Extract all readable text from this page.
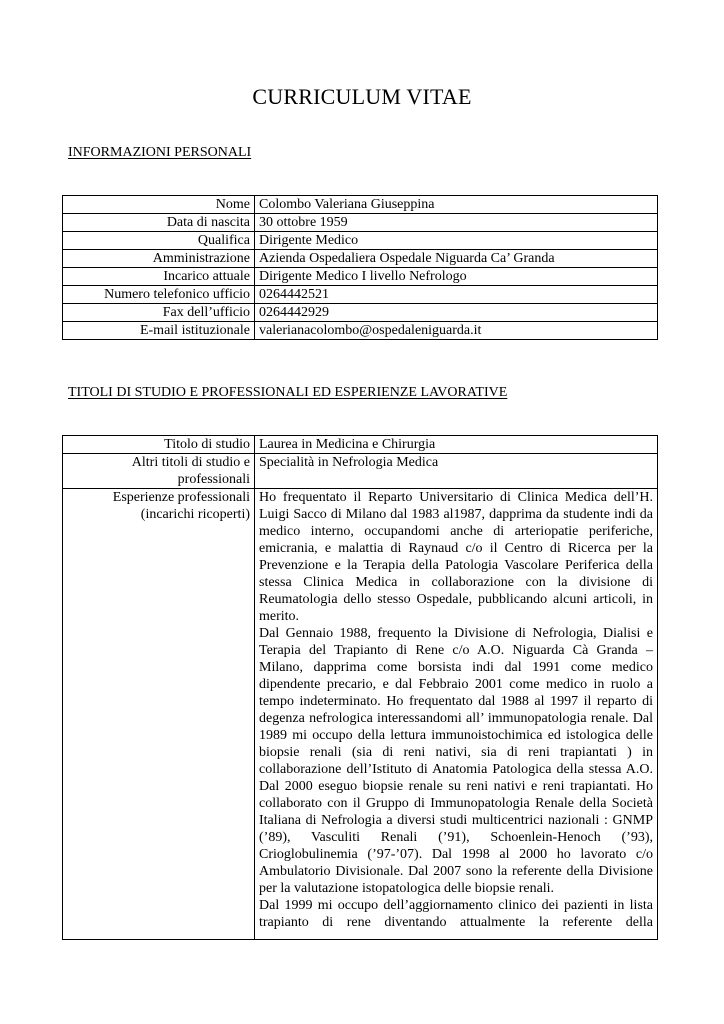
CURRICULUM VITAE
INFORMAZIONI PERSONALI
Nome	Colombo Valeriana Giuseppina
Data di nascita	30 ottobre 1959
Qualifica	Dirigente Medico
Amministrazione	Azienda Ospedaliera Ospedale Niguarda Ca’ Granda
Incarico attuale	Dirigente Medico I livello Nefrologo
Numero telefonico ufficio	0264442521
Fax dell’ufficio	0264442929
E-mail istituzionale	valerianacolombo@ospedaleniguarda.it
TITOLI DI STUDIO E PROFESSIONALI ED ESPERIENZE LAVORATIVE
Titolo di studio	Laurea in Medicina e Chirurgia
Altri titoli di studio e professionali	Specialità in Nefrologia Medica
Esperienze professionali (incarichi ricoperti)	Ho frequentato il Reparto Universitario di Clinica Medica dell’H. Luigi Sacco di Milano dal 1983 al1987, dapprima da studente indi da medico interno, occupandomi anche di arteriopatie periferiche, emicrania, e malattia di Raynaud c/o il Centro di Ricerca per la Prevenzione e la Terapia della Patologia Vascolare Periferica della stessa Clinica Medica in collaborazione con la divisione di Reumatologia dello stesso Ospedale, pubblicando alcuni articoli, in merito.

Dal Gennaio 1988, frequento la Divisione di Nefrologia, Dialisi e Terapia del Trapianto di Rene c/o A.O. Niguarda Cà Granda – Milano, dapprima come borsista indi dal 1991 come medico dipendente precario, e dal Febbraio 2001 come medico in ruolo a tempo indeterminato. Ho frequentato dal 1988 al 1997 il reparto di degenza nefrologica interessandomi all’ immunopatologia renale. Dal 1989 mi occupo della lettura immunoistochimica ed istologica delle biopsie renali (sia di reni nativi, sia di reni trapiantati ) in collaborazione dell’Istituto di Anatomia Patologica della stessa A.O. Dal 2000 eseguo biopsie renale su reni nativi e reni trapiantati. Ho collaborato con il Gruppo di Immunopatologia Renale della Società Italiana di Nefrologia a diversi studi multicentrici nazionali : GNMP (’89), Vasculiti Renali (’91), Schoenlein-Henoch (’93), Crioglobulinemia (’97-’07). Dal 1998 al 2000 ho lavorato c/o Ambulatorio Divisionale. Dal 2007 sono la referente della Divisione per la valutazione istopatologica delle biopsie renali.

Dal 1999 mi occupo dell’aggiornamento clinico dei pazienti in lista trapianto di rene diventando attualmente la referente della
